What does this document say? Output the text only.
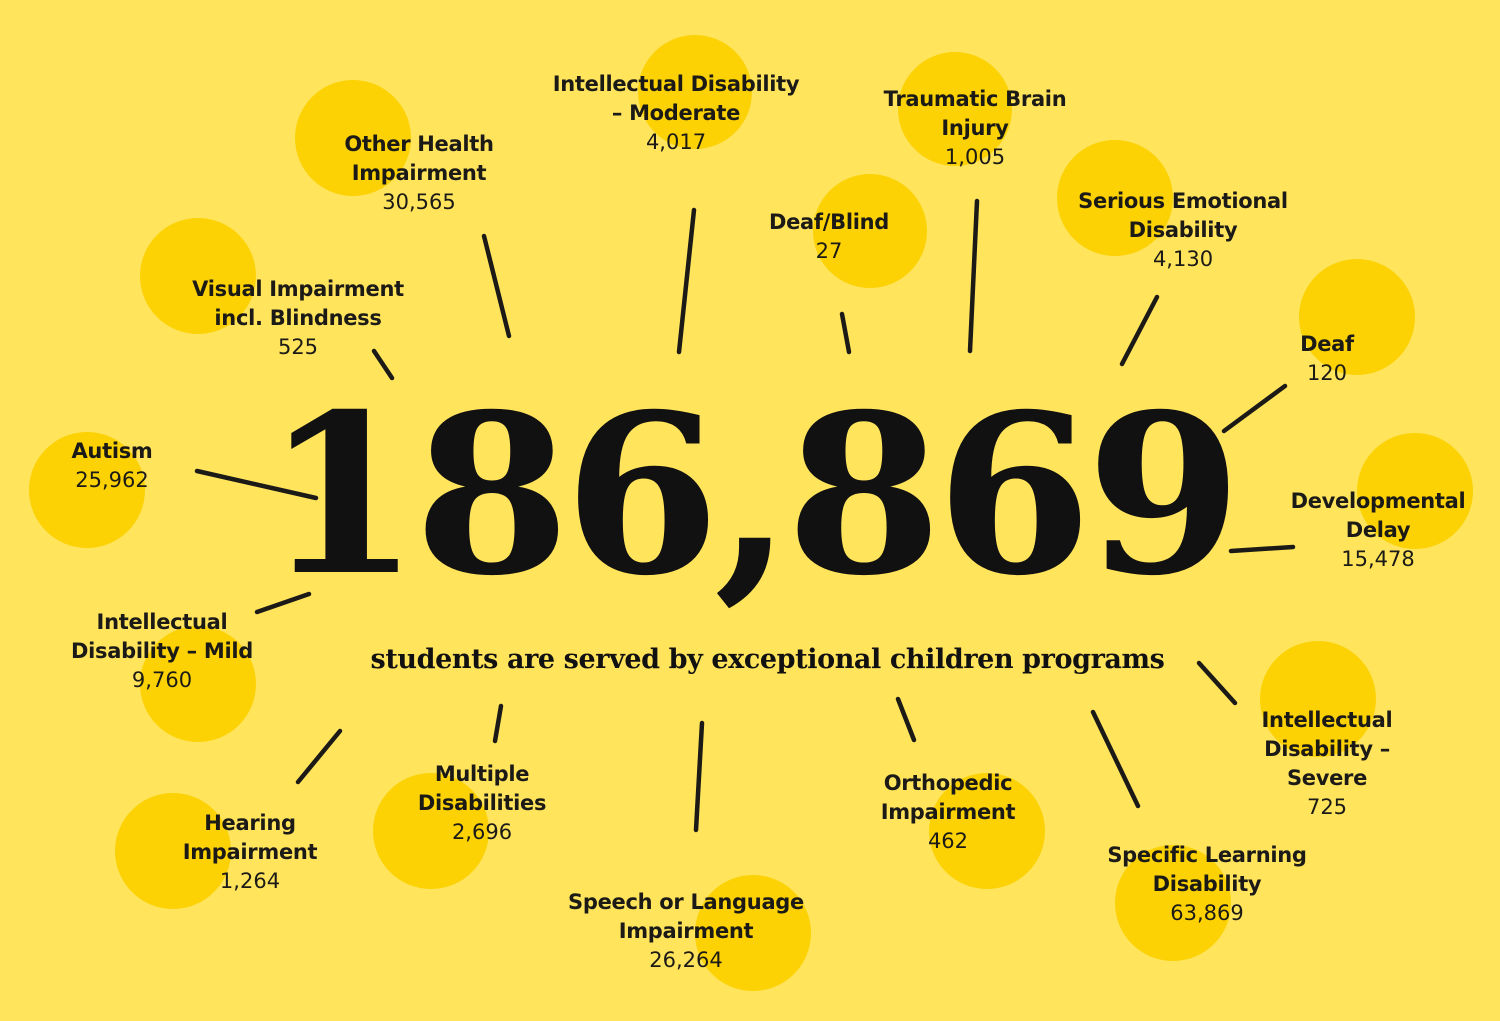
186,869
students are served by exceptional children programs
Other Health
Impairment
30,565
Intellectual Disability
– Moderate
4,017
Traumatic Brain
Injury
1,005
Deaf/Blind
27
Serious Emotional
Disability
4,130
Visual Impairment
incl. Blindness
525	Deaf
120
Autism
25,962
Developmental
Delay
15,478
Intellectual
Disability – Mild
9,760
Intellectual
Disability – Severe
725
Multiple
Disabilities
2,696
Orthopedic
Impairment
462
Hearing
Impairment
1,264
Specific Learning
Disability
63,869
Speech or Language
Impairment
26,264
